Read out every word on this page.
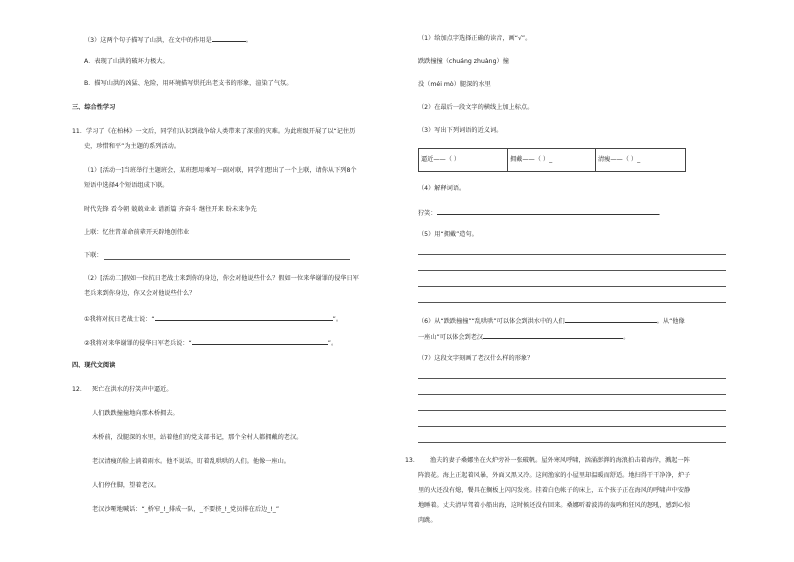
（3）这两个句子描写了山洪，在文中的作用是	。
A．表现了山洪的破坏力极大。
B．描写山洪的凶猛、危险，用环境描写烘托出老支书的形象，渲染了气氛。
三、综合性学习
11．学习了《在柏林》一文后，同学们认识到战争给人类带来了深重的灾难。为此班级开展了以“记住历
史，珍惜和平”为主题的系列活动。
（1）[活动一]当班举行主题班会，某班想用乘写一副对联，同学们想出了一个上联，请你从下列8个
短语中选择4个短语组成下联。
时代先锋 看今朝 兢兢业业 谱新篇 齐奋斗 继往开来 盼未来争先
上联：忆往昔革命前辈开天辟地创伟业
下联：
（2）[活动二]假如一位抗日老战士来到你的身边，你会对他说些什么？假如一位来华谢罪的侵华日军
老兵来到你身边，你又会对他说些什么？
①我将对抗日老战士说：“	”。
②我将对来华谢罪的侵华日军老兵说：“	”。
四、现代文阅读
12． 死亡在洪水的狞笑声中逼近。
人们跌跌撞撞地向那木桥拥去。
木桥前，没腿深的水里，站着他们的党支部书记，那个全村人都拥戴的老汉。
老汉清瘦的脸上淌着雨水。他不说话，盯着乱哄哄的人们。他像一座山。
人们停住脚，望着老汉。
老汉沙哑地喊话：“_桥窄_!_排成一队，_不要挤_!_党员排在后边_!_”
（1）给加点字选择正确的读音，画“√”。
跌跌撞撞（chuáng zhuàng）撞
没（méi mò）腿深的水里
（2）在最后一段文字的横线上加上标点。
（3）写出下列词语的近义词。
逼近——（ ）	拥戴——（ ）_	清瘦——（ ）_
（4）解释词语。
狞笑：	.
（5）用“拥戴”造句。
（6）从“跌跌撞撞”“乱哄哄”可以体会到洪水中的人们	。从“他像
一座山”可以体会到老汉	。
（7）这段文字刻画了老汉什么样的形象？
13． 渔夫的妻子桑娜坐在火炉旁补一张破帆。屋外寒风呼啸，汹涌澎湃的海浪拍击着海岸，溅起一阵
阵浪花。海上正起着风暴，外面又黑又冷。这间渔家的小屋里却温暖而舒适。地扫得干干净净，炉子
里的火还没有熄，餐具在搁板上闪闪发亮。挂着白色帐子的床上，五个孩子正在海风的呼啸声中安静
地睡着。丈夫清早驾着小船出海，这时候还没有回来。桑娜听着波涛的轰鸣和狂风的怒吼，感到心惊
肉跳。
